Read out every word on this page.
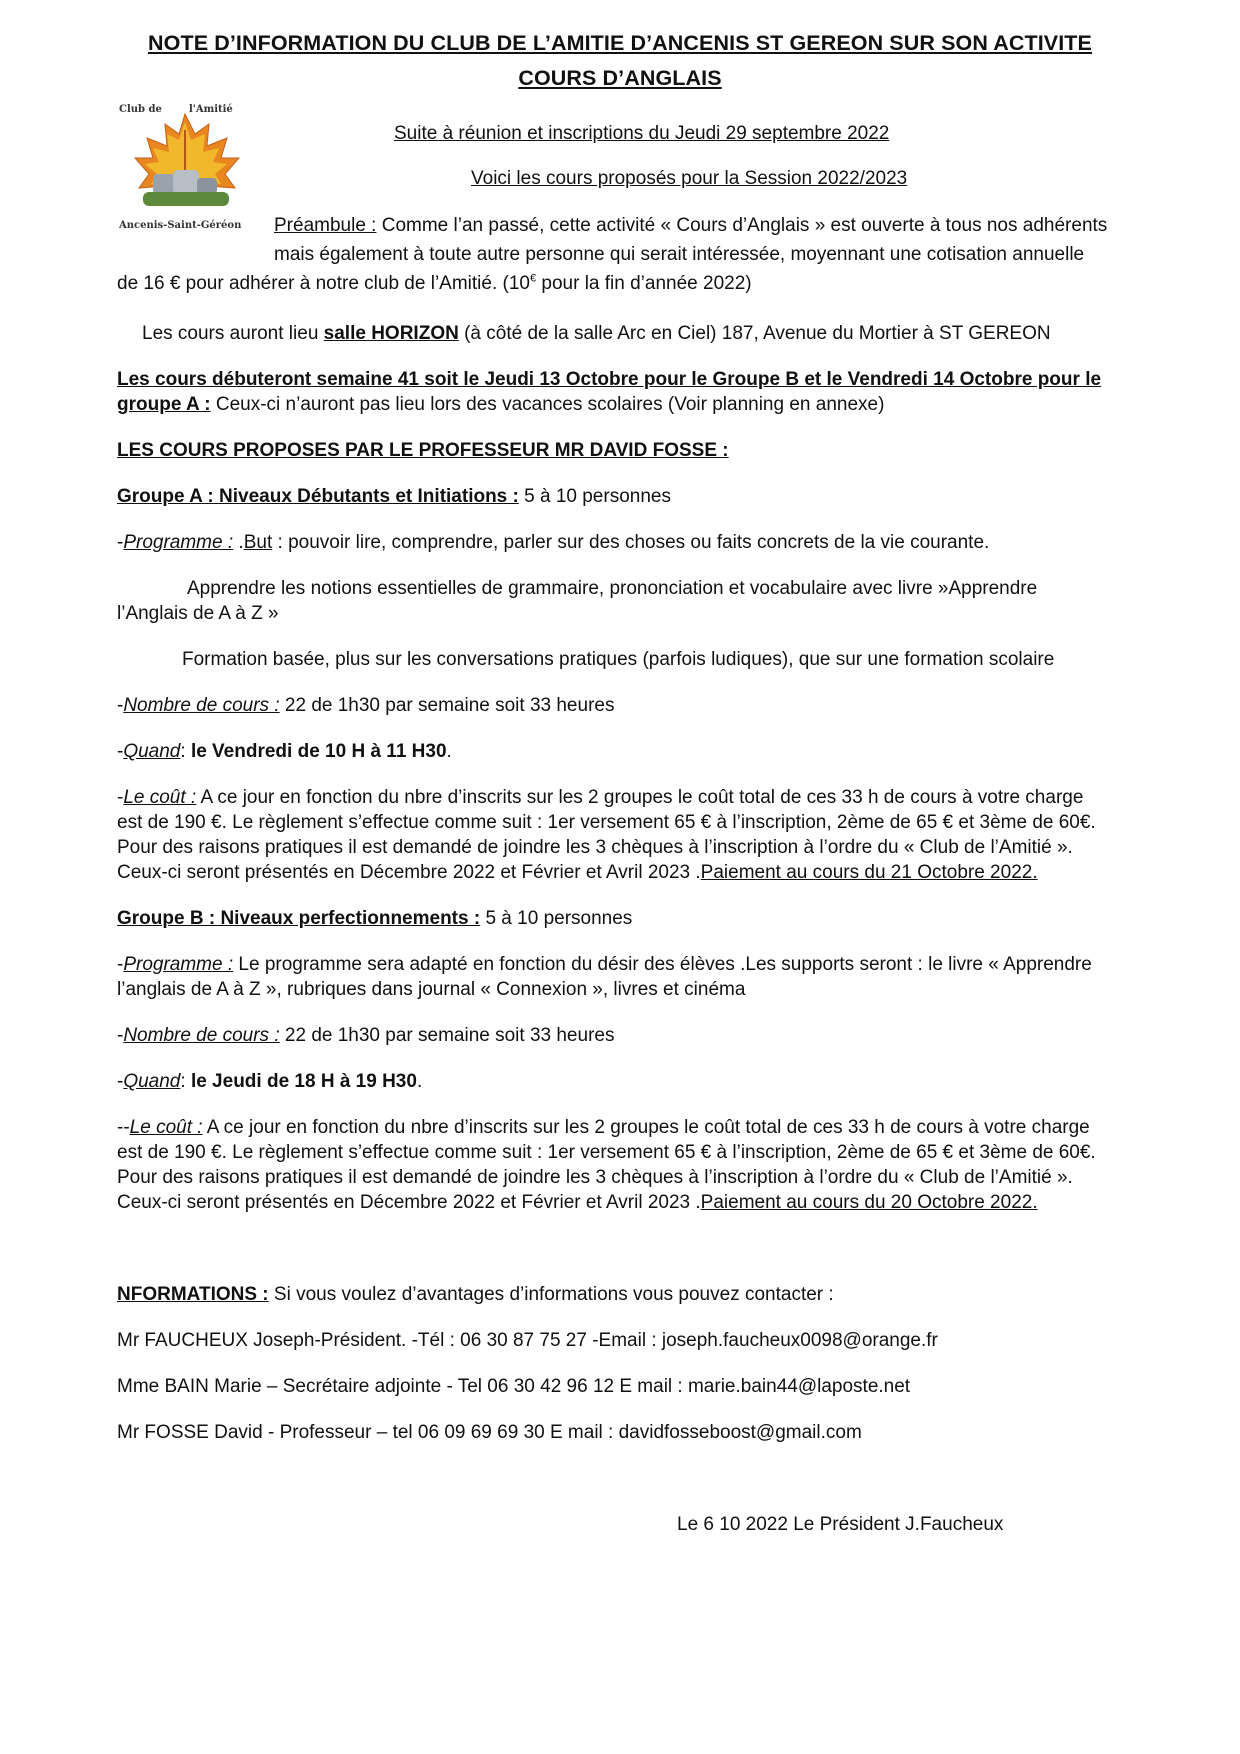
Club de	l'Amitié
Ancenis-Saint-Géréon
NOTE D’INFORMATION DU CLUB DE L’AMITIE D’ANCENIS ST GEREON SUR SON ACTIVITE
COURS D’ANGLAIS
Suite à réunion et inscriptions du Jeudi 29 septembre 2022
Voici les cours proposés pour la Session 2022/2023
Préambule : Comme l’an passé, cette activité « Cours d’Anglais » est ouverte à tous nos adhérents
mais également à toute autre personne qui serait intéressée, moyennant une cotisation annuelle
de 16 € pour adhérer à notre club de l’Amitié. (10€ pour la fin d’année 2022)
Les cours auront lieu salle HORIZON (à côté de la salle Arc en Ciel) 187, Avenue du Mortier à ST GEREON
Les cours débuteront semaine 41 soit le Jeudi 13 Octobre pour le Groupe B et le Vendredi 14 Octobre pour le
groupe A : Ceux-ci n’auront pas lieu lors des vacances scolaires (Voir planning en annexe)
LES COURS PROPOSES PAR LE PROFESSEUR MR DAVID FOSSE :
Groupe A : Niveaux Débutants et Initiations : 5 à 10 personnes
-Programme : .But : pouvoir lire, comprendre, parler sur des choses ou faits concrets de la vie courante.
Apprendre les notions essentielles de grammaire, prononciation et vocabulaire avec livre »Apprendre
l’Anglais de A à Z »
Formation basée, plus sur les conversations pratiques (parfois ludiques), que sur une formation scolaire
-Nombre de cours : 22 de 1h30 par semaine soit 33 heures
-Quand: le Vendredi de 10 H à 11 H30.
-Le coût : A ce jour en fonction du nbre d’inscrits sur les 2 groupes le coût total de ces 33 h de cours à votre charge
est de 190 €. Le règlement s’effectue comme suit : 1er versement 65 € à l’inscription, 2ème de 65 € et 3ème de 60€.
Pour des raisons pratiques il est demandé de joindre les 3 chèques à l’inscription à l’ordre du « Club de l’Amitié ».
Ceux-ci seront présentés en Décembre 2022 et Février et Avril 2023 .Paiement au cours du 21 Octobre 2022.
Groupe B : Niveaux perfectionnements : 5 à 10 personnes
-Programme : Le programme sera adapté en fonction du désir des élèves .Les supports seront : le livre « Apprendre
l’anglais de A à Z », rubriques dans journal « Connexion », livres et cinéma
-Nombre de cours : 22 de 1h30 par semaine soit 33 heures
-Quand: le Jeudi de 18 H à 19 H30.
--Le coût : A ce jour en fonction du nbre d’inscrits sur les 2 groupes le coût total de ces 33 h de cours à votre charge
est de 190 €. Le règlement s’effectue comme suit : 1er versement 65 € à l’inscription, 2ème de 65 € et 3ème de 60€.
Pour des raisons pratiques il est demandé de joindre les 3 chèques à l’inscription à l’ordre du « Club de l’Amitié ».
Ceux-ci seront présentés en Décembre 2022 et Février et Avril 2023 .Paiement au cours du 20 Octobre 2022.
NFORMATIONS : Si vous voulez d’avantages d’informations vous pouvez contacter :
Mr FAUCHEUX Joseph-Président. -Tél : 06 30 87 75 27 -Email : joseph.faucheux0098@orange.fr
Mme BAIN Marie – Secrétaire adjointe - Tel 06 30 42 96 12 E mail : marie.bain44@laposte.net
Mr FOSSE David - Professeur – tel 06 09 69 69 30 E mail : davidfosseboost@gmail.com
Le 6 10 2022 Le Président J.Faucheux
